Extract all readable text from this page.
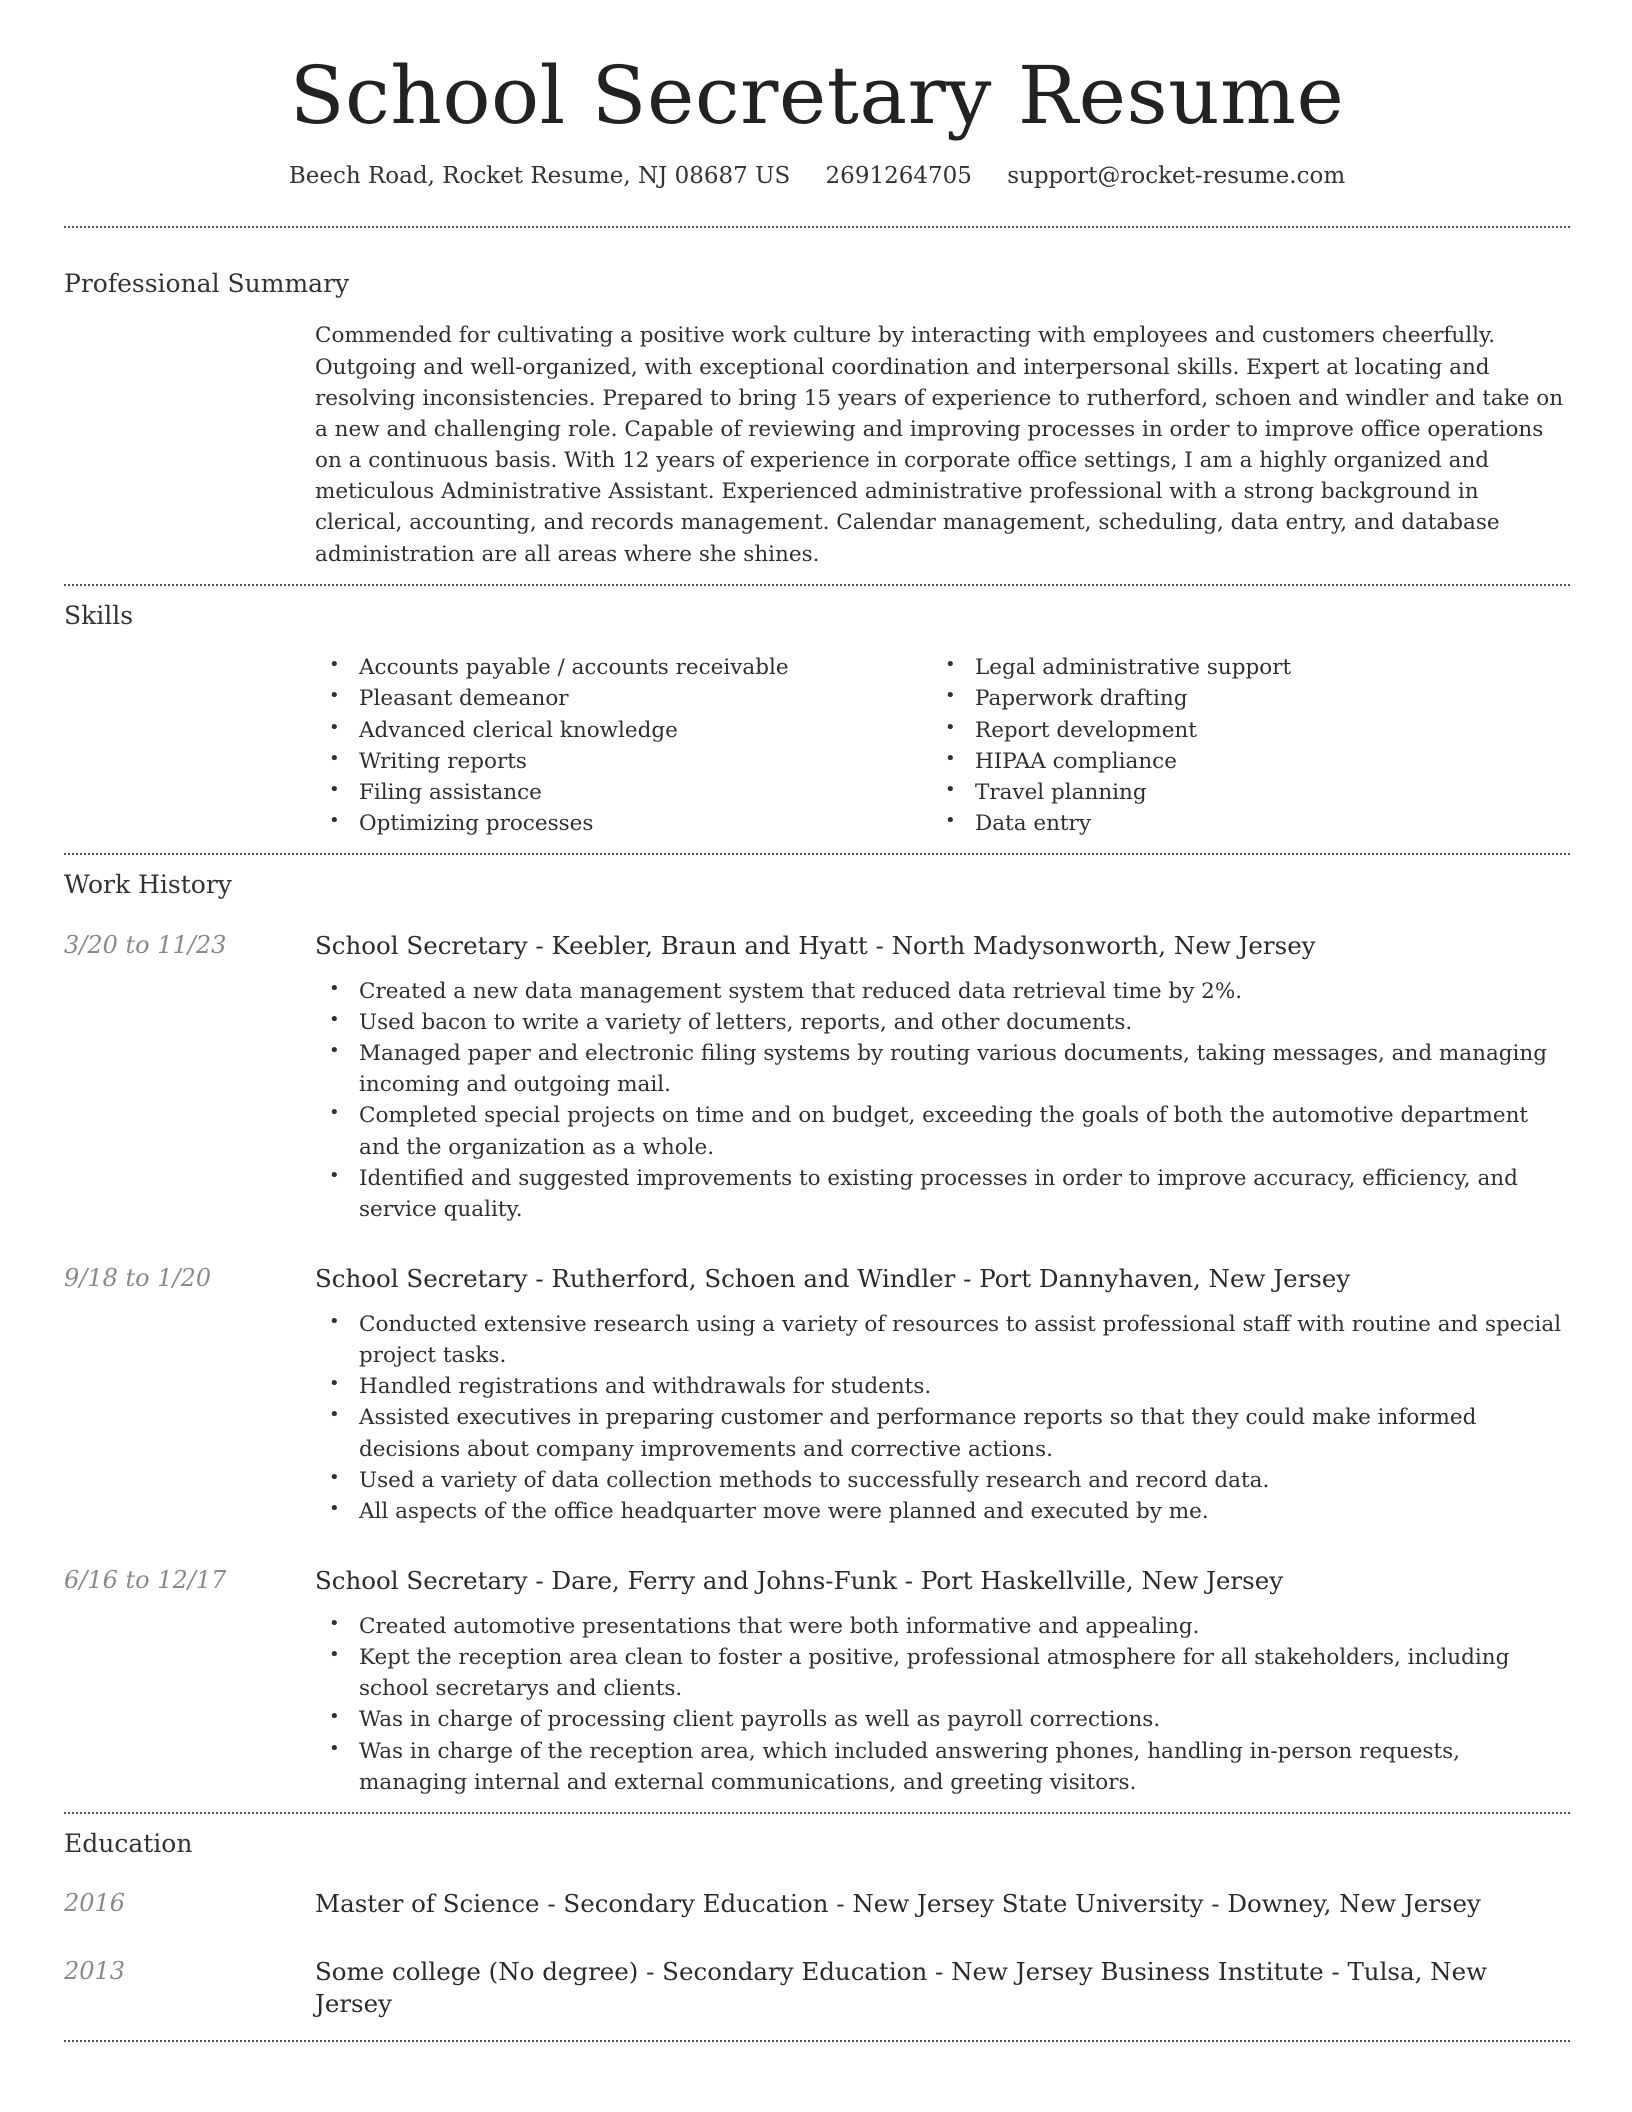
School Secretary Resume
Beech Road, Rocket Resume, NJ 08687 US 2691264705 support@rocket-resume.com
Professional Summary

Commended for cultivating a positive work culture by interacting with employees and customers cheerfully. Outgoing and well-organized, with exceptional coordination and interpersonal skills. Expert at locating and resolving inconsistencies. Prepared to bring 15 years of experience to rutherford, schoen and windler and take on a new and challenging role. Capable of reviewing and improving processes in order to improve office operations on a continuous basis. With 12 years of experience in corporate office settings, I am a highly organized and meticulous Administrative Assistant. Experienced administrative professional with a strong background in clerical, accounting, and records management. Calendar management, scheduling, data entry, and database administration are all areas where she shines.

Skills
• Accounts payable / accounts receivable
• Pleasant demeanor
• Advanced clerical knowledge
• Writing reports
• Filing assistance
• Optimizing processes
• Legal administrative support
• Paperwork drafting
• Report development
• HIPAA compliance
• Travel planning
• Data entry
Work History
3/20 to 11/23	School Secretary - Keebler, Braun and Hyatt - North Madysonworth, New Jersey
• Created a new data management system that reduced data retrieval time by 2%.
• Used bacon to write a variety of letters, reports, and other documents.
• Managed paper and electronic filing systems by routing various documents, taking messages, and managing incoming and outgoing mail.
• Completed special projects on time and on budget, exceeding the goals of both the automotive department and the organization as a whole.
• Identified and suggested improvements to existing processes in order to improve accuracy, efficiency, and service quality.
9/18 to 1/20	School Secretary - Rutherford, Schoen and Windler - Port Dannyhaven, New Jersey
• Conducted extensive research using a variety of resources to assist professional staff with routine and special project tasks.
• Handled registrations and withdrawals for students.
• Assisted executives in preparing customer and performance reports so that they could make informed decisions about company improvements and corrective actions.
• Used a variety of data collection methods to successfully research and record data.
• All aspects of the office headquarter move were planned and executed by me.
6/16 to 12/17	School Secretary - Dare, Ferry and Johns-Funk - Port Haskellville, New Jersey
• Created automotive presentations that were both informative and appealing.
• Kept the reception area clean to foster a positive, professional atmosphere for all stakeholders, including school secretarys and clients.
• Was in charge of processing client payrolls as well as payroll corrections.
• Was in charge of the reception area, which included answering phones, handling in-person requests, managing internal and external communications, and greeting visitors.
Education
2016	Master of Science - Secondary Education - New Jersey State University - Downey, New Jersey
2013	Some college (No degree) - Secondary Education - New Jersey Business Institute - Tulsa, New Jersey
